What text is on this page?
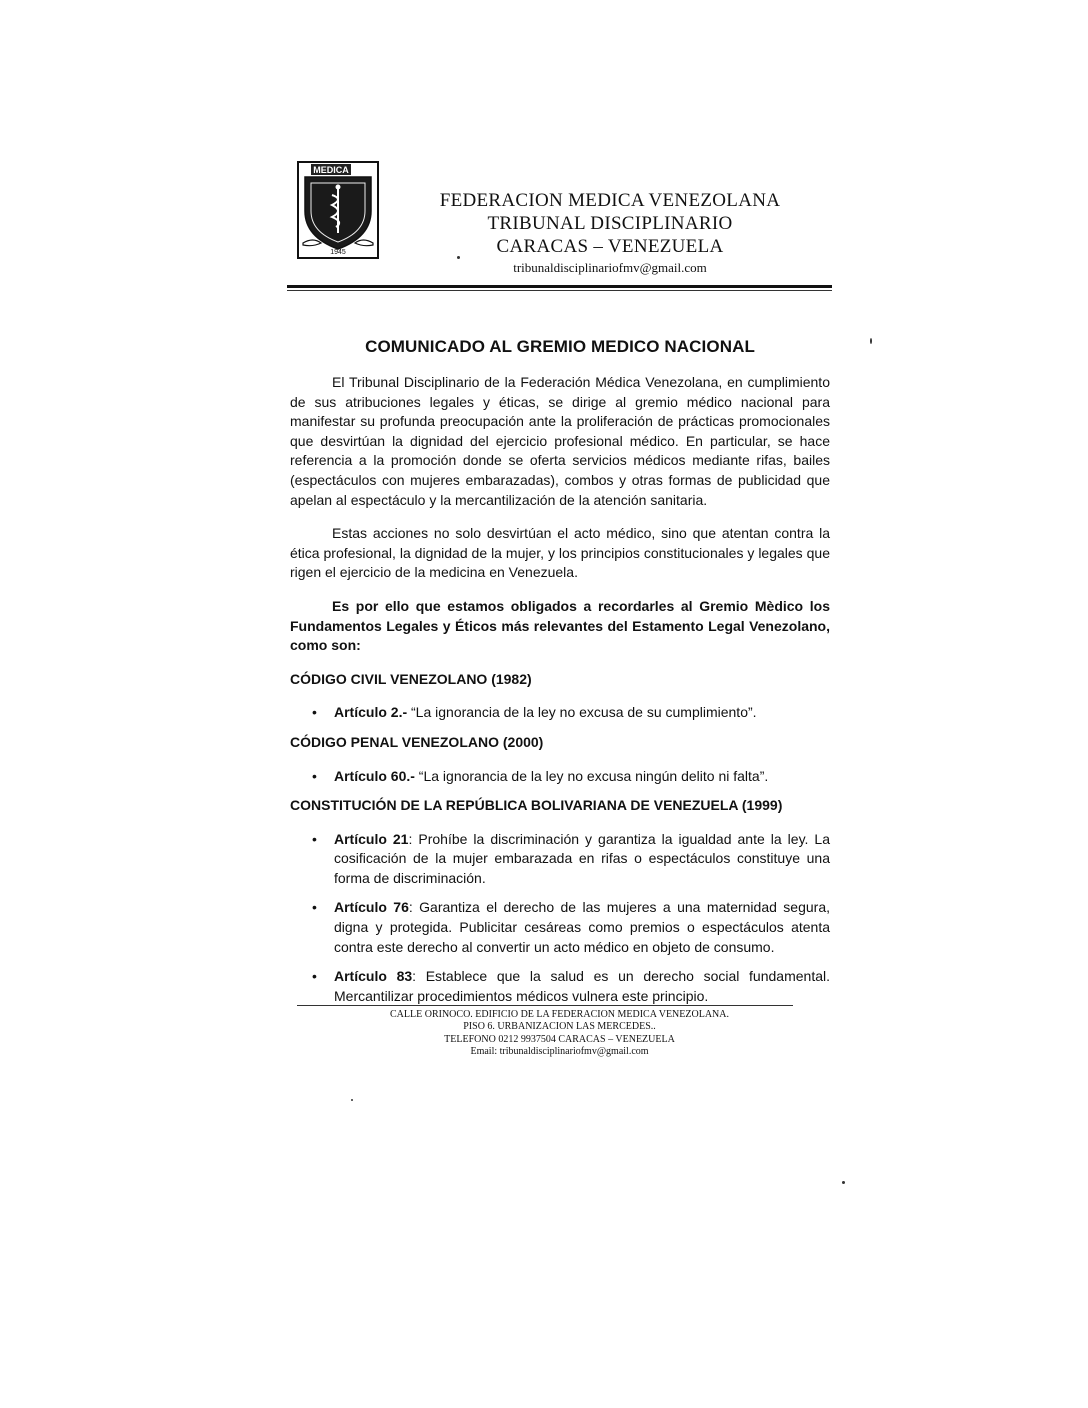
MEDICA
1945
FEDERACION MEDICA VENEZOLANA
TRIBUNAL DISCIPLINARIO
CARACAS – VENEZUELA
tribunaldisciplinariofmv@gmail.com
COMUNICADO AL GREMIO MEDICO NACIONAL

El Tribunal Disciplinario de la Federación Médica Venezolana, en cumplimiento de sus atribuciones legales y éticas, se dirige al gremio médico nacional para manifestar su profunda preocupación ante la proliferación de prácticas promocionales que desvirtúan la dignidad del ejercicio profesional médico. En particular, se hace referencia a la promoción donde se oferta servicios médicos mediante rifas, bailes (espectáculos con mujeres embarazadas), combos y otras formas de publicidad que apelan al espectáculo y la mercantilización de la atención sanitaria.

Estas acciones no solo desvirtúan el acto médico, sino que atentan contra la ética profesional, la dignidad de la mujer, y los principios constitucionales y legales que rigen el ejercicio de la medicina en Venezuela.

Es por ello que estamos obligados a recordarles al Gremio Mèdico los Fundamentos Legales y Éticos más relevantes del Estamento Legal Venezolano, como son:

CÓDIGO CIVIL VENEZOLANO (1982)
• Artículo 2.- “La ignorancia de la ley no excusa de su cumplimiento”.
CÓDIGO PENAL VENEZOLANO (2000)
• Artículo 60.- “La ignorancia de la ley no excusa ningún delito ni falta”.
CONSTITUCIÓN DE LA REPÚBLICA BOLIVARIANA DE VENEZUELA (1999)
• Artículo 21: Prohíbe la discriminación y garantiza la igualdad ante la ley. La cosificación de la mujer embarazada en rifas o espectáculos constituye una forma de discriminación.
• Artículo 76: Garantiza el derecho de las mujeres a una maternidad segura, digna y protegida. Publicitar cesáreas como premios o espectáculos atenta contra este derecho al convertir un acto médico en objeto de consumo.
• Artículo 83: Establece que la salud es un derecho social fundamental. Mercantilizar procedimientos médicos vulnera este principio.
CALLE ORINOCO. EDIFICIO DE LA FEDERACION MEDICA VENEZOLANA.
PISO 6. URBANIZACION LAS MERCEDES..
TELEFONO 0212 9937504 CARACAS – VENEZUELA
Email: tribunaldisciplinariofmv@gmail.com
